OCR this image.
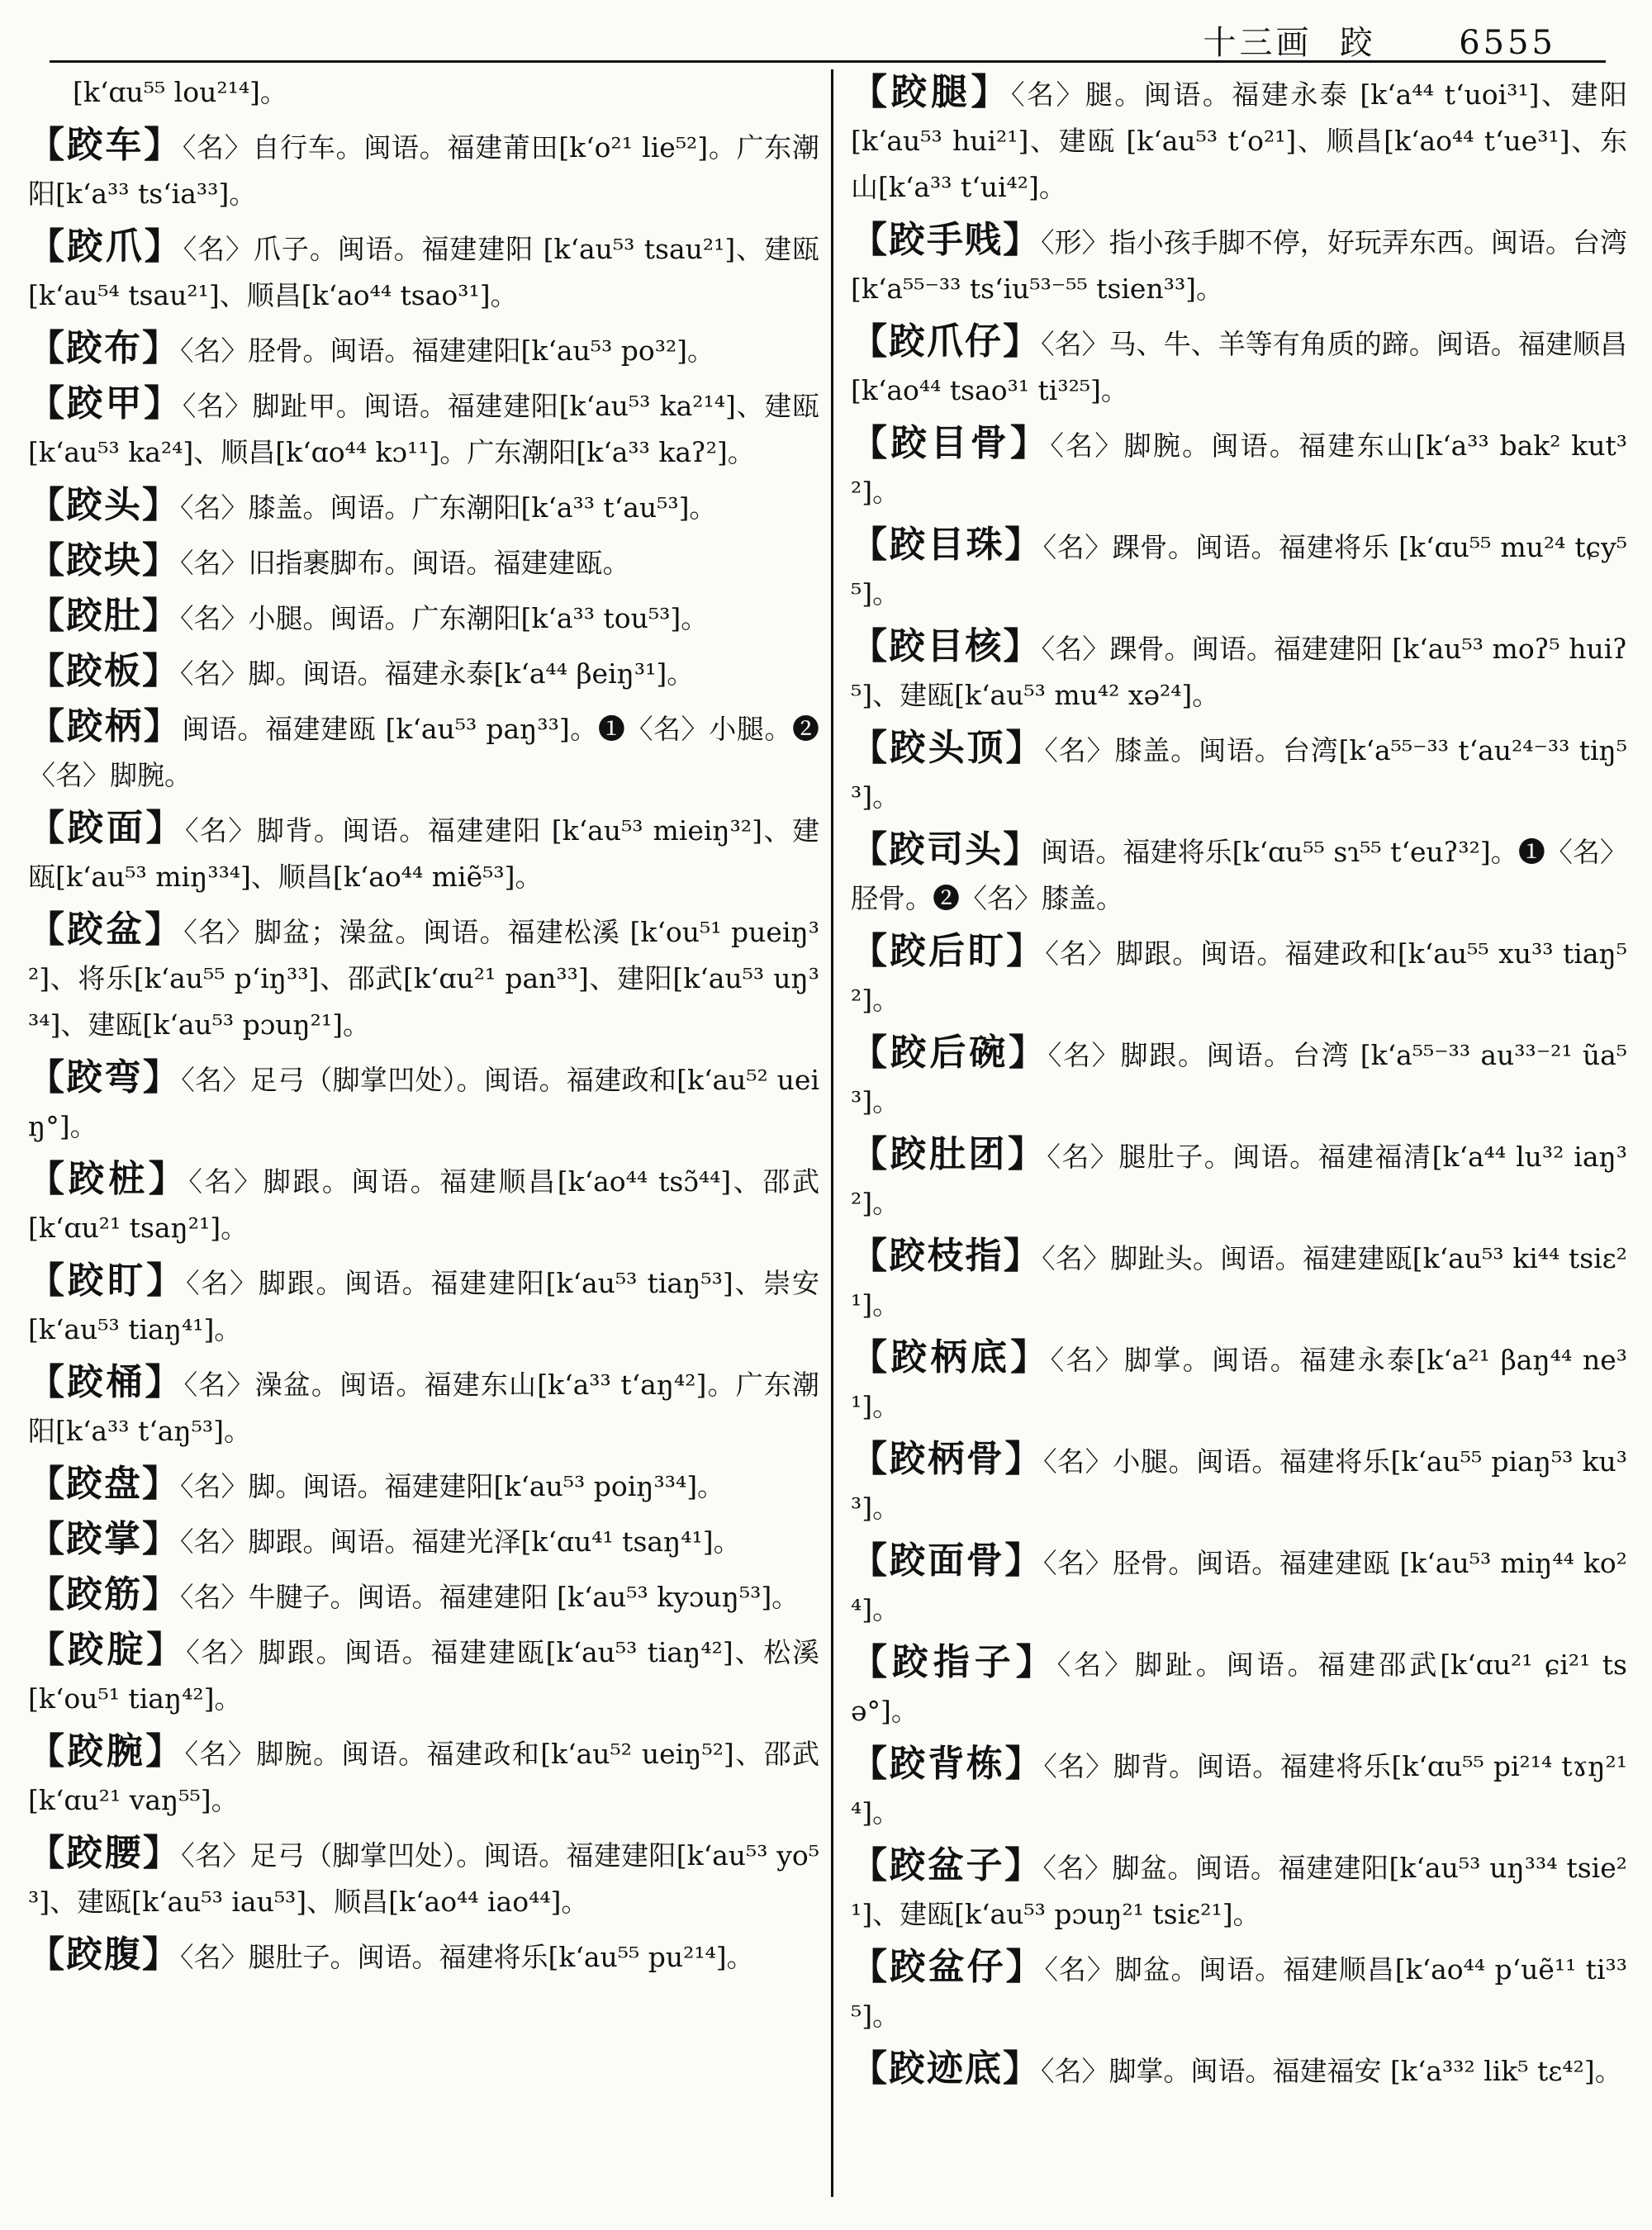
十三画  跤      6555
[k‘ɑu⁵⁵ lou²¹⁴]。
【跤车】〈名〉自行车。闽语。福建莆田[k‘o²¹ lie⁵²]。广东潮阳[k‘a³³ ts‘ia³³]。
【跤爪】〈名〉爪子。闽语。福建建阳 [k‘au⁵³ tsau²¹]、建瓯[k‘au⁵⁴ tsau²¹]、顺昌[k‘ao⁴⁴ tsao³¹]。
【跤布】〈名〉胫骨。闽语。福建建阳[k‘au⁵³ po³²]。
【跤甲】〈名〉脚趾甲。闽语。福建建阳[k‘au⁵³ ka²¹⁴]、建瓯[k‘au⁵³ ka²⁴]、顺昌[k‘ɑo⁴⁴ kɔ¹¹]。广东潮阳[k‘a³³ kaʔ²]。
【跤头】〈名〉膝盖。闽语。广东潮阳[k‘a³³ t‘au⁵³]。
【跤块】〈名〉旧指裹脚布。闽语。福建建瓯。
【跤肚】〈名〉小腿。闽语。广东潮阳[k‘a³³ tou⁵³]。
【跤板】〈名〉脚。闽语。福建永泰[k‘a⁴⁴ βeiŋ³¹]。
【跤柄】闽语。福建建瓯 [k‘au⁵³ paŋ³³]。❶〈名〉小腿。❷〈名〉脚腕。
【跤面】〈名〉脚背。闽语。福建建阳 [k‘au⁵³ mieiŋ³²]、建瓯[k‘au⁵³ miŋ³³⁴]、顺昌[k‘ao⁴⁴ miẽ⁵³]。
【跤盆】〈名〉脚盆；澡盆。闽语。福建松溪 [k‘ou⁵¹ pueiŋ³²]、将乐[k‘au⁵⁵ p‘iŋ³³]、邵武[k‘ɑu²¹ pan³³]、建阳[k‘au⁵³ uŋ³³⁴]、建瓯[k‘au⁵³ pɔuŋ²¹]。
【跤弯】〈名〉足弓（脚掌凹处）。闽语。福建政和[k‘au⁵² ueiŋ°]。
【跤桩】〈名〉脚跟。闽语。福建顺昌[k‘ao⁴⁴ tsɔ̃⁴⁴]、邵武 [k‘ɑu²¹ tsaŋ²¹]。
【跤盯】〈名〉脚跟。闽语。福建建阳[k‘au⁵³ tiaŋ⁵³]、崇安[k‘au⁵³ tiaŋ⁴¹]。
【跤桶】〈名〉澡盆。闽语。福建东山[k‘a³³ t‘aŋ⁴²]。广东潮阳[k‘a³³ t‘aŋ⁵³]。
【跤盘】〈名〉脚。闽语。福建建阳[k‘au⁵³ poiŋ³³⁴]。
【跤掌】〈名〉脚跟。闽语。福建光泽[k‘ɑu⁴¹ tsaŋ⁴¹]。
【跤筋】〈名〉牛腱子。闽语。福建建阳 [k‘au⁵³ kyɔuŋ⁵³]。
【跤腚】〈名〉脚跟。闽语。福建建瓯[k‘au⁵³ tiaŋ⁴²]、松溪[k‘ou⁵¹ tiaŋ⁴²]。
【跤腕】〈名〉脚腕。闽语。福建政和[k‘au⁵² ueiŋ⁵²]、邵武[k‘ɑu²¹ vaŋ⁵⁵]。
【跤腰】〈名〉足弓（脚掌凹处）。闽语。福建建阳[k‘au⁵³ yo⁵³]、建瓯[k‘au⁵³ iau⁵³]、顺昌[k‘ao⁴⁴ iao⁴⁴]。
【跤腹】〈名〉腿肚子。闽语。福建将乐[k‘au⁵⁵ pu²¹⁴]。
【跤腿】〈名〉腿。闽语。福建永泰 [k‘a⁴⁴ t‘uoi³¹]、建阳 [k‘au⁵³ hui²¹]、建瓯 [k‘au⁵³ t‘o²¹]、顺昌[k‘ao⁴⁴ t‘ue³¹]、东山[k‘a³³ t‘ui⁴²]。
【跤手贱】〈形〉指小孩手脚不停，好玩弄东西。闽语。台湾[k‘a⁵⁵⁻³³ ts‘iu⁵³⁻⁵⁵ tsien³³]。
【跤爪仔】〈名〉马、牛、羊等有角质的蹄。闽语。福建顺昌[k‘ao⁴⁴ tsao³¹ ti³²⁵]。
【跤目骨】〈名〉脚腕。闽语。福建东山[k‘a³³ bak² kut³²]。
【跤目珠】〈名〉踝骨。闽语。福建将乐 [k‘ɑu⁵⁵ mu²⁴ tɕy⁵⁵]。
【跤目核】〈名〉踝骨。闽语。福建建阳 [k‘au⁵³ moʔ⁵ huiʔ⁵]、建瓯[k‘au⁵³ mu⁴² xə²⁴]。
【跤头顶】〈名〉膝盖。闽语。台湾[k‘a⁵⁵⁻³³ t‘au²⁴⁻³³ tiŋ⁵³]。
【跤司头】闽语。福建将乐[k‘ɑu⁵⁵ sɿ⁵⁵ t‘euʔ³²]。❶〈名〉胫骨。❷〈名〉膝盖。
【跤后盯】〈名〉脚跟。闽语。福建政和[k‘au⁵⁵ xu³³ tiaŋ⁵²]。
【跤后碗】〈名〉脚跟。闽语。台湾 [k‘a⁵⁵⁻³³ au³³⁻²¹ ũa⁵³]。
【跤肚团】〈名〉腿肚子。闽语。福建福清[k‘a⁴⁴ lu³² iaŋ³²]。
【跤枝指】〈名〉脚趾头。闽语。福建建瓯[k‘au⁵³ ki⁴⁴ tsiɛ²¹]。
【跤柄底】〈名〉脚掌。闽语。福建永泰[k‘a²¹ βaŋ⁴⁴ ne³¹]。
【跤柄骨】〈名〉小腿。闽语。福建将乐[k‘au⁵⁵ piaŋ⁵³ ku³³]。
【跤面骨】〈名〉胫骨。闽语。福建建瓯 [k‘au⁵³ miŋ⁴⁴ ko²⁴]。
【跤指子】〈名〉脚趾。闽语。福建邵武[k‘ɑu²¹ ɕi²¹ tsə°]。
【跤背栋】〈名〉脚背。闽语。福建将乐[k‘ɑu⁵⁵ pi²¹⁴ tɤŋ²¹⁴]。
【跤盆子】〈名〉脚盆。闽语。福建建阳[k‘au⁵³ uŋ³³⁴ tsie²¹]、建瓯[k‘au⁵³ pɔuŋ²¹ tsiɛ²¹]。
【跤盆仔】〈名〉脚盆。闽语。福建顺昌[k‘ao⁴⁴ p‘uẽ¹¹ ti³³⁵]。
【跤迹底】〈名〉脚掌。闽语。福建福安 [k‘a³³² lik⁵ tɛ⁴²]。
